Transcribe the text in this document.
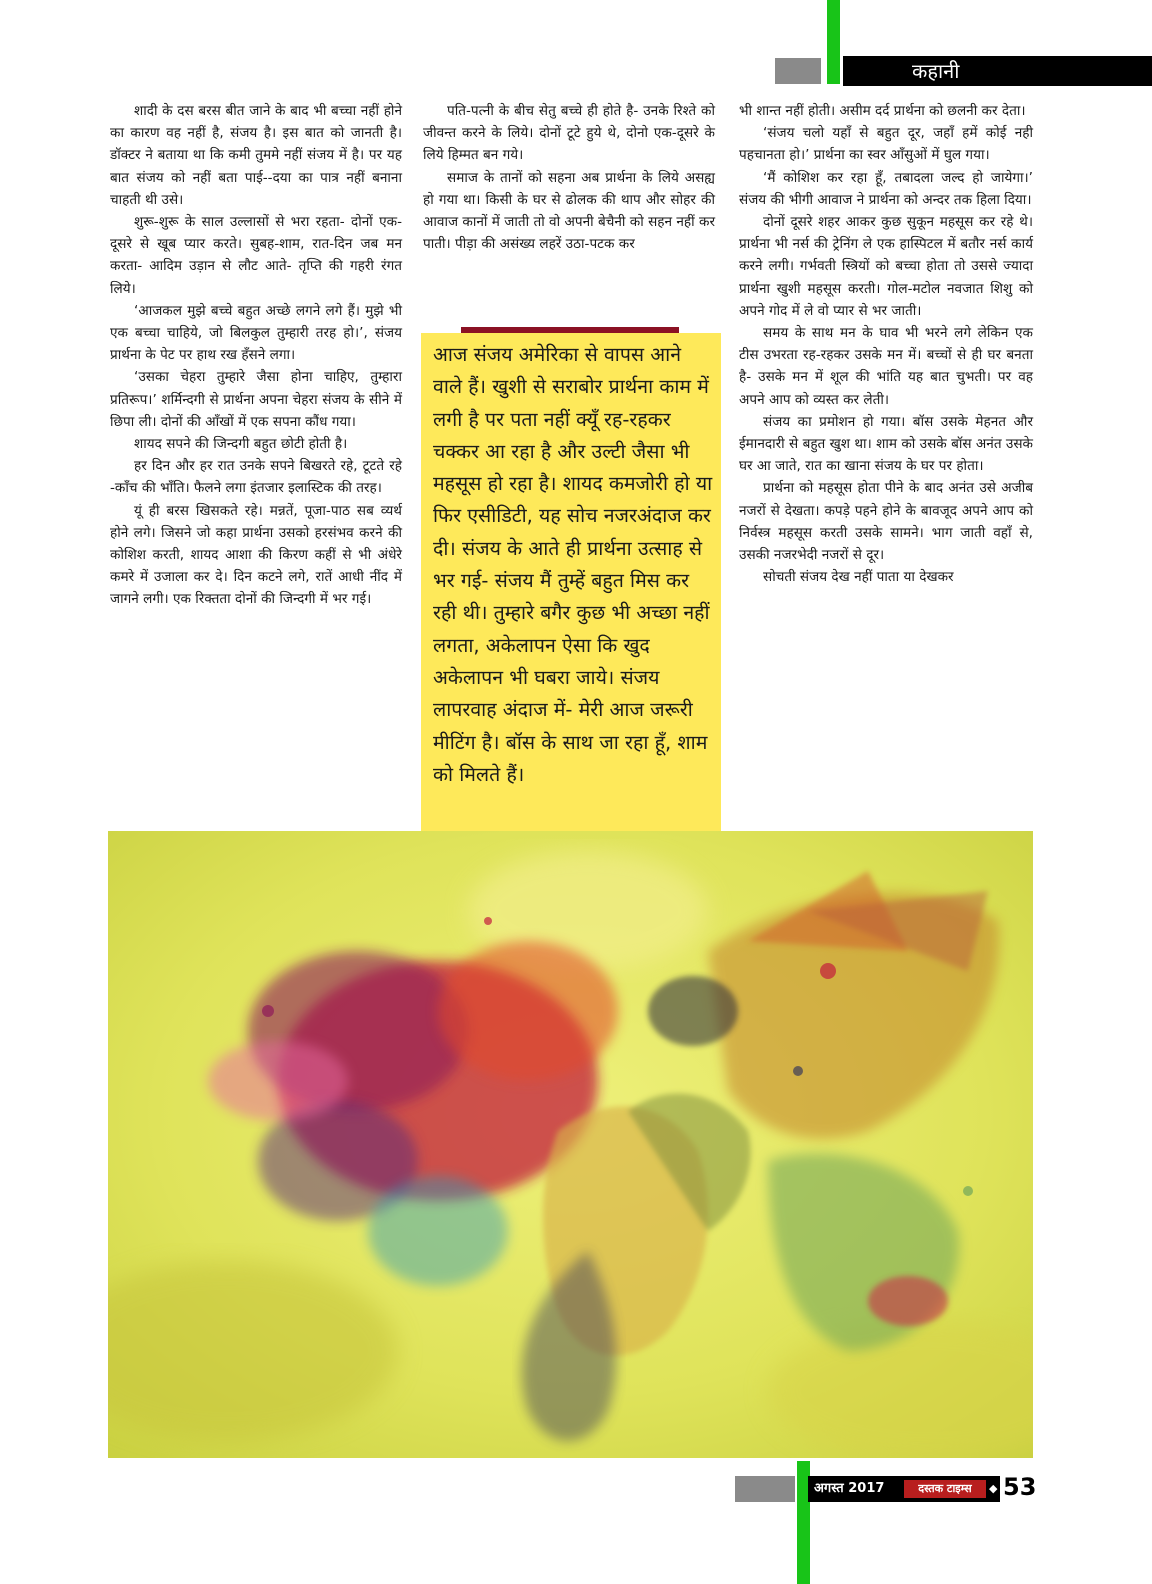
कहानी

शादी के दस बरस बीत जाने के बाद भी बच्चा नहीं होने का कारण वह नहीं है, संजय है। इस बात को जानती है। डॉक्टर ने बताया था कि कमी तुममे नहीं संजय में है। पर यह बात संजय को नहीं बता पाई--दया का पात्र नहीं बनाना चाहती थी उसे।

शुरू-शुरू के साल उल्लासों से भरा रहता- दोनों एक-दूसरे से खूब प्यार करते। सुबह-शाम, रात-दिन जब मन करता- आदिम उड़ान से लौट आते- तृप्ति की गहरी रंगत लिये।

‘आजकल मुझे बच्चे बहुत अच्छे लगने लगे हैं। मुझे भी एक बच्चा चाहिये, जो बिलकुल तुम्हारी तरह हो।’, संजय प्रार्थना के पेट पर हाथ रख हँसने लगा।

‘उसका चेहरा तुम्हारे जैसा होना चाहिए, तुम्हारा प्रतिरूप।’ शर्मिन्दगी से प्रार्थना अपना चेहरा संजय के सीने में छिपा ली। दोनों की आँखों में एक सपना कौंध गया।

शायद सपने की जिन्दगी बहुत छोटी होती है।

हर दिन और हर रात उनके सपने बिखरते रहे, टूटते रहे -काँच की भाँति। फैलने लगा इंतजार इलास्टिक की तरह।

यूं ही बरस खिसकते रहे। मन्नतें, पूजा-पाठ सब व्यर्थ होने लगे। जिसने जो कहा प्रार्थना उसको हरसंभव करने की कोशिश करती, शायद आशा की किरण कहीं से भी अंधेरे कमरे में उजाला कर दे। दिन कटने लगे, रातें आधी नींद में जागने लगी। एक रिक्तता दोनों की जिन्दगी में भर गई।

पति-पत्नी के बीच सेतु बच्चे ही होते है- उनके रिश्ते को जीवन्त करने के लिये। दोनों टूटे हुये थे, दोनो एक-दूसरे के लिये हिम्मत बन गये।

समाज के तानों को सहना अब प्रार्थना के लिये असह्य हो गया था। किसी के घर से ढोलक की थाप और सोहर की आवाज कानों में जाती तो वो अपनी बेचैनी को सहन नहीं कर पाती। पीड़ा की असंख्य लहरें उठा-पटक कर

भी शान्त नहीं होती। असीम दर्द प्रार्थना को छलनी कर देता।

‘संजय चलो यहाँ से बहुत दूर, जहाँ हमें कोई नही पहचानता हो।’ प्रार्थना का स्वर आँसुओं में घुल गया।

‘मैं कोशिश कर रहा हूँ, तबादला जल्द हो जायेगा।’ संजय की भीगी आवाज ने प्रार्थना को अन्दर तक हिला दिया।

दोनों दूसरे शहर आकर कुछ सुकून महसूस कर रहे थे। प्रार्थना भी नर्स की ट्रेनिंग ले एक हास्पिटल में बतौर नर्स कार्य करने लगी। गर्भवती स्त्रियों को बच्चा होता तो उससे ज्यादा प्रार्थना खुशी महसूस करती। गोल-मटोल नवजात शिशु को अपने गोद में ले वो प्यार से भर जाती।

समय के साथ मन के घाव भी भरने लगे लेकिन एक टीस उभरता रह-रहकर उसके मन में। बच्चों से ही घर बनता है- उसके मन में शूल की भांति यह बात चुभती। पर वह अपने आप को व्यस्त कर लेती।

संजय का प्रमोशन हो गया। बॉस उसके मेहनत और ईमानदारी से बहुत खुश था। शाम को उसके बॉस अनंत उसके घर आ जाते, रात का खाना संजय के घर पर होता।

प्रार्थना को महसूस होता पीने के बाद अनंत उसे अजीब नजरों से देखता। कपड़े पहने होने के बावजूद अपने आप को निर्वस्त्र महसूस करती उसके सामने। भाग जाती वहाँ से, उसकी नजरभेदी नजरों से दूर।

सोचती संजय देख नहीं पाता या देखकर

आज संजय अमेरिका से वापस आने वाले हैं। खुशी से सराबोर प्रार्थना काम में लगी है पर पता नहीं क्यूँ रह-रहकर चक्कर आ रहा है और उल्टी जैसा भी महसूस हो रहा है। शायद कमजोरी हो या फिर एसीडिटी, यह सोच नजरअंदाज कर दी। संजय के आते ही प्रार्थना उत्साह से भर गई- संजय मैं तुम्हें बहुत मिस कर रही थी। तुम्हारे बगैर कुछ भी अच्छा नहीं लगता, अकेलापन ऐसा कि खुद अकेलापन भी घबरा जाये। संजय लापरवाह अंदाज में- मेरी आज जरूरी मीटिंग है। बॉस के साथ जा रहा हूँ, शाम को मिलते हैं।
अगस्त 2017	दस्तक टाइम्स	◆ 53
